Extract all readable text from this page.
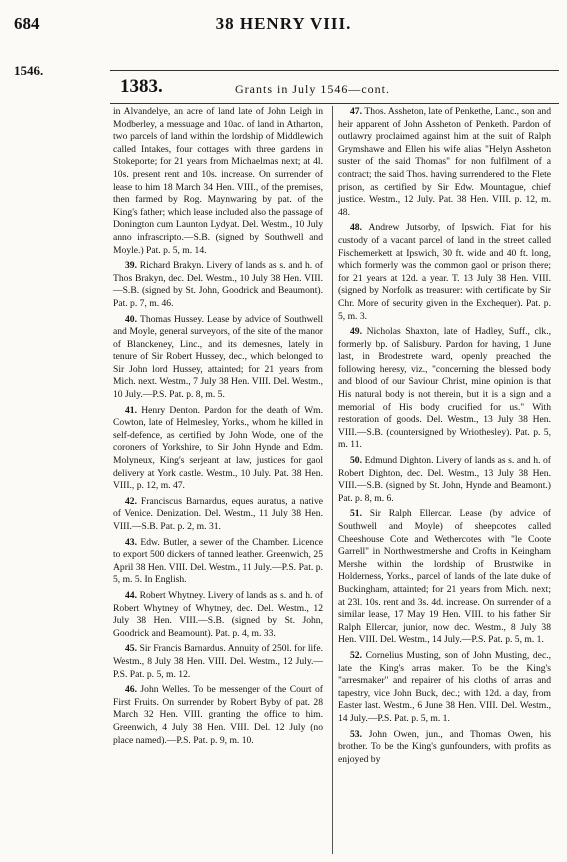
684	38 HENRY VIII.
1546.
1383.	Grants in July 1546—cont.

in Alvandelye, an acre of land late of John Leigh in Modberley, a messuage and 10ac. of land in Atharton, two parcels of land within the lordship of Middlewich called Intakes, four cottages with three gardens in Stokeporte; for 21 years from Michaelmas next; at 4l. 10s. present rent and 10s. increase. On surrender of lease to him 18 March 34 Hen. VIII., of the premises, then farmed by Rog. Maynwaring by pat. of the King's father; which lease included also the passage of Donington cum Launton Lydyat. Del. Westm., 10 July anno infrascripto.—S.B. (signed by Southwell and Moyle.) Pat. p. 5, m. 14.

39. Richard Brakyn. Livery of lands as s. and h. of Thos Brakyn, dec. Del. Westm., 10 July 38 Hen. VIII.—S.B. (signed by St. John, Goodrick and Beaumont). Pat. p. 7, m. 46.

40. Thomas Hussey. Lease by advice of Southwell and Moyle, general surveyors, of the site of the manor of Blanckeney, Linc., and its demesnes, lately in tenure of Sir Robert Hussey, dec., which belonged to Sir John lord Hussey, attainted; for 21 years from Mich. next. Westm., 7 July 38 Hen. VIII. Del. Westm., 10 July.—P.S. Pat. p. 8, m. 5.

41. Henry Denton. Pardon for the death of Wm. Cowton, late of Helmesley, Yorks., whom he killed in self-defence, as certified by John Wode, one of the coroners of Yorkshire, to Sir John Hynde and Edm. Molyneux, King's serjeant at law, justices for gaol delivery at York castle. Westm., 10 July. Pat. 38 Hen. VIII., p. 12, m. 47.

42. Franciscus Barnardus, eques auratus, a native of Venice. Denization. Del. Westm., 11 July 38 Hen. VIII.—S.B. Pat. p. 2, m. 31.

43. Edw. Butler, a sewer of the Chamber. Licence to export 500 dickers of tanned leather. Greenwich, 25 April 38 Hen. VIII. Del. Westm., 11 July.—P.S. Pat. p. 5, m. 5. In English.

44. Robert Whytney. Livery of lands as s. and h. of Robert Whytney of Whytney, dec. Del. Westm., 12 July 38 Hen. VIII.—S.B. (signed by St. John, Goodrick and Beamount). Pat. p. 4, m. 33.

45. Sir Francis Barnardus. Annuity of 250l. for life. Westm., 8 July 38 Hen. VIII. Del. Westm., 12 July.—P.S. Pat. p. 5, m. 12.

46. John Welles. To be messenger of the Court of First Fruits. On surrender by Robert Byby of pat. 28 March 32 Hen. VIII. granting the office to him. Greenwich, 4 July 38 Hen. VIII. Del. 12 July (no place named).—P.S. Pat. p. 9, m. 10.

47. Thos. Assheton, late of Penkethe, Lanc., son and heir apparent of John Assheton of Penketh. Pardon of outlawry proclaimed against him at the suit of Ralph Grymshawe and Ellen his wife alias "Helyn Assheton suster of the said Thomas" for non fulfilment of a contract; the said Thos. having surrendered to the Flete prison, as certified by Sir Edw. Mountague, chief justice. Westm., 12 July. Pat. 38 Hen. VIII. p. 12, m. 48.

48. Andrew Jutsorby, of Ipswich. Fiat for his custody of a vacant parcel of land in the street called Fischemerkett at Ipswich, 30 ft. wide and 40 ft. long, which formerly was the common gaol or prison there; for 21 years at 12d. a year. T. 13 July 38 Hen. VIII. (signed by Norfolk as treasurer: with certificate by Sir Chr. More of security given in the Exchequer). Pat. p. 5, m. 3.

49. Nicholas Shaxton, late of Hadley, Suff., clk., formerly bp. of Salisbury. Pardon for having, 1 June last, in Brodestrete ward, openly preached the following heresy, viz., "concerning the blessed body and blood of our Saviour Christ, mine opinion is that His natural body is not therein, but it is a sign and a memorial of His body crucified for us." With restoration of goods. Del. Westm., 13 July 38 Hen. VIII.—S.B. (countersigned by Wriothesley). Pat. p. 5, m. 11.

50. Edmund Dighton. Livery of lands as s. and h. of Robert Dighton, dec. Del. Westm., 13 July 38 Hen. VIII.—S.B. (signed by St. John, Hynde and Beamont.) Pat. p. 8, m. 6.

51. Sir Ralph Ellercar. Lease (by advice of Southwell and Moyle) of sheepcotes called Cheeshouse Cote and Wethercotes with "le Coote Garrell" in Northwestmershe and Crofts in Keingham Mershe within the lordship of Brustwike in Holderness, Yorks., parcel of lands of the late duke of Buckingham, attainted; for 21 years from Mich. next; at 23l. 10s. rent and 3s. 4d. increase. On surrender of a similar lease, 17 May 19 Hen. VIII. to his father Sir Ralph Ellercar, junior, now dec. Westm., 8 July 38 Hen. VIII. Del. Westm., 14 July.—P.S. Pat. p. 5, m. 1.

52. Cornelius Musting, son of John Musting, dec., late the King's arras maker. To be the King's "arresmaker" and repairer of his cloths of arras and tapestry, vice John Buck, dec.; with 12d. a day, from Easter last. Westm., 6 June 38 Hen. VIII. Del. Westm., 14 July.—P.S. Pat. p. 5, m. 1.

53. John Owen, jun., and Thomas Owen, his brother. To be the King's gunfounders, with profits as enjoyed by
